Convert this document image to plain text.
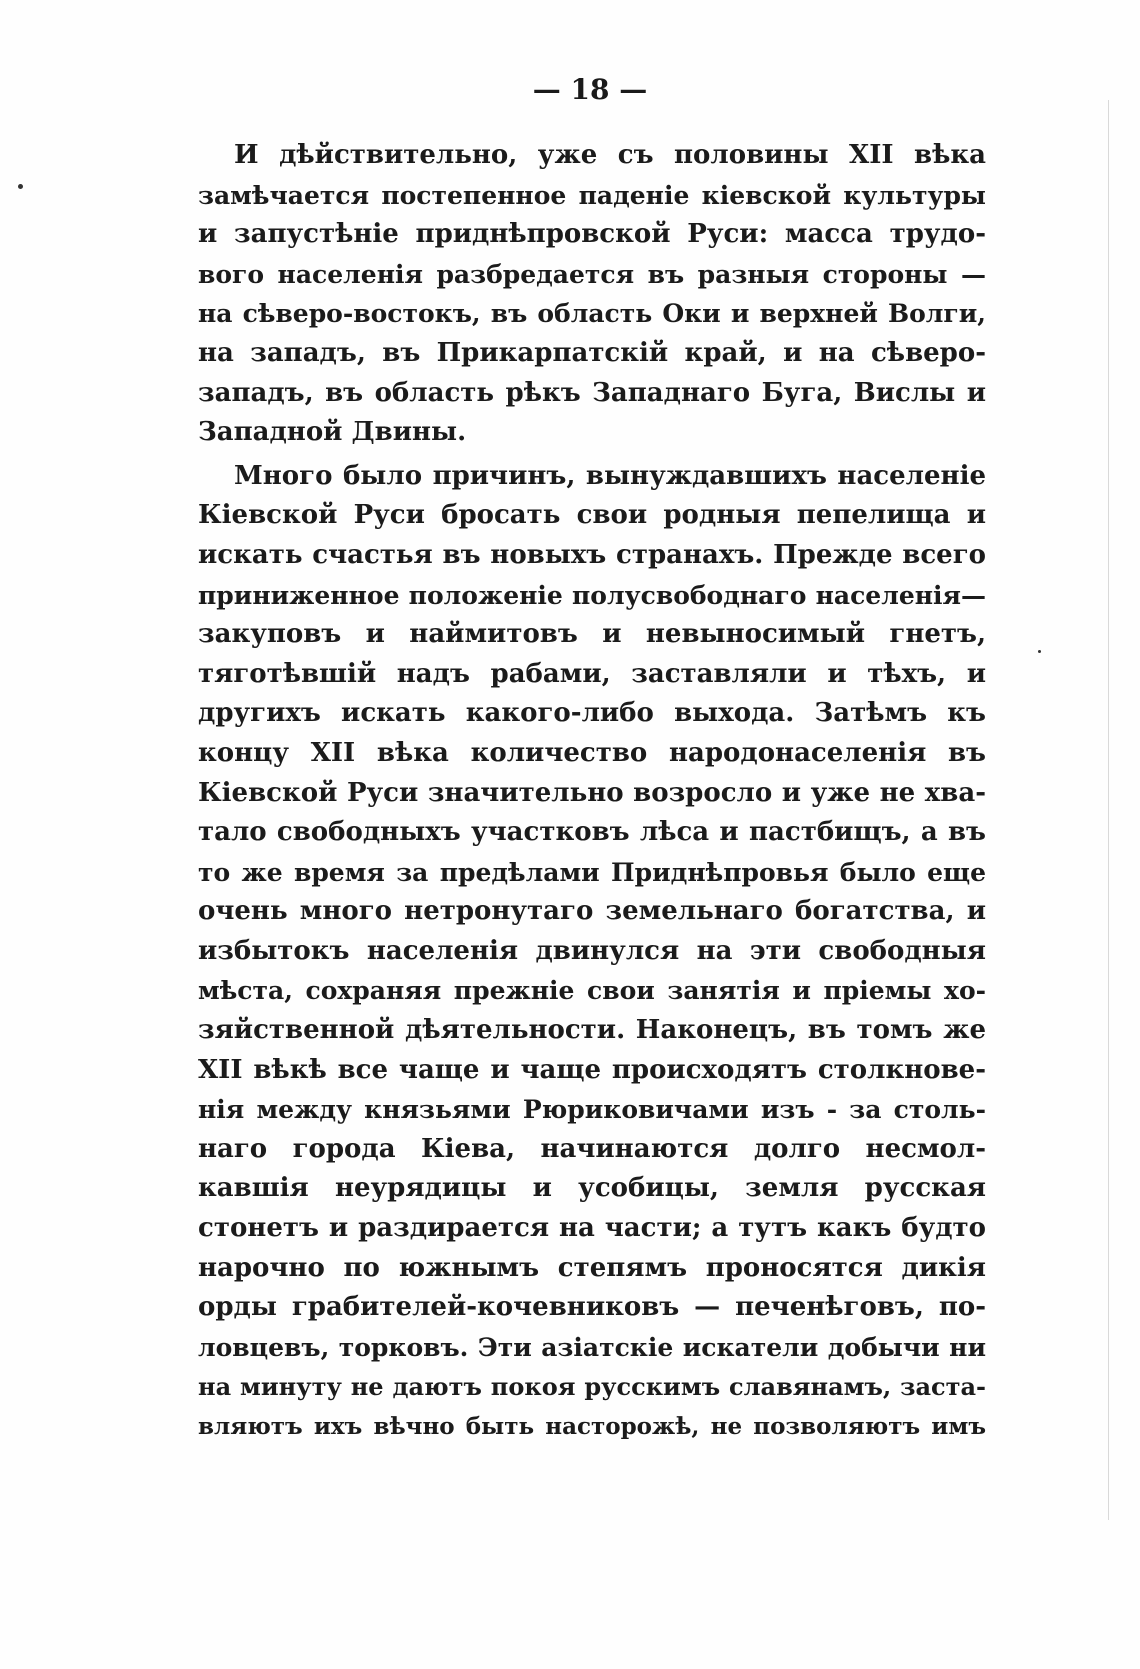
— 18 —
И дѣйствительно, уже съ половины XII вѣка
замѣчается постепенное паденіе кіевской культуры
и запустѣніе приднѣпровской Руси: масса трудо-
вого населенія разбредается въ разныя стороны —
на сѣверо-востокъ, въ область Оки и верхней Волги,
на западъ, въ Прикарпатскій край, и на сѣверо-
западъ, въ область рѣкъ Западнаго Буга, Вислы и
Западной Двины.
Много было причинъ, вынуждавшихъ населеніе
Кіевской Руси бросать свои родныя пепелища и
искать счастья въ новыхъ странахъ. Прежде всего
приниженное положеніе полусвободнаго населенія—
закуповъ и наймитовъ и невыносимый гнетъ,
тяготѣвшій надъ рабами, заставляли и тѣхъ, и
другихъ искать какого-либо выхода. Затѣмъ къ
концу XII вѣка количество народонаселенія въ
Кіевской Руси значительно возросло и уже не хва-
тало свободныхъ участковъ лѣса и пастбищъ, а въ
то же время за предѣлами Приднѣпровья было еще
очень много нетронутаго земельнаго богатства, и
избытокъ населенія двинулся на эти свободныя
мѣста, сохраняя прежніе свои занятія и пріемы хо-
зяйственной дѣятельности. Наконецъ, въ томъ же
XII вѣкѣ все чаще и чаще происходятъ столкнове-
нія между князьями Рюриковичами изъ - за столь-
наго города Кіева, начинаются долго несмол-
кавшія неурядицы и усобицы, земля русская
стонетъ и раздирается на части; а тутъ какъ будто
нарочно по южнымъ степямъ проносятся дикія
орды грабителей-кочевниковъ — печенѣговъ, по-
ловцевъ, торковъ. Эти азіатскіе искатели добычи ни
на минуту не даютъ покоя русскимъ славянамъ, заста-
вляютъ ихъ вѣчно быть насторожѣ, не позволяютъ имъ
